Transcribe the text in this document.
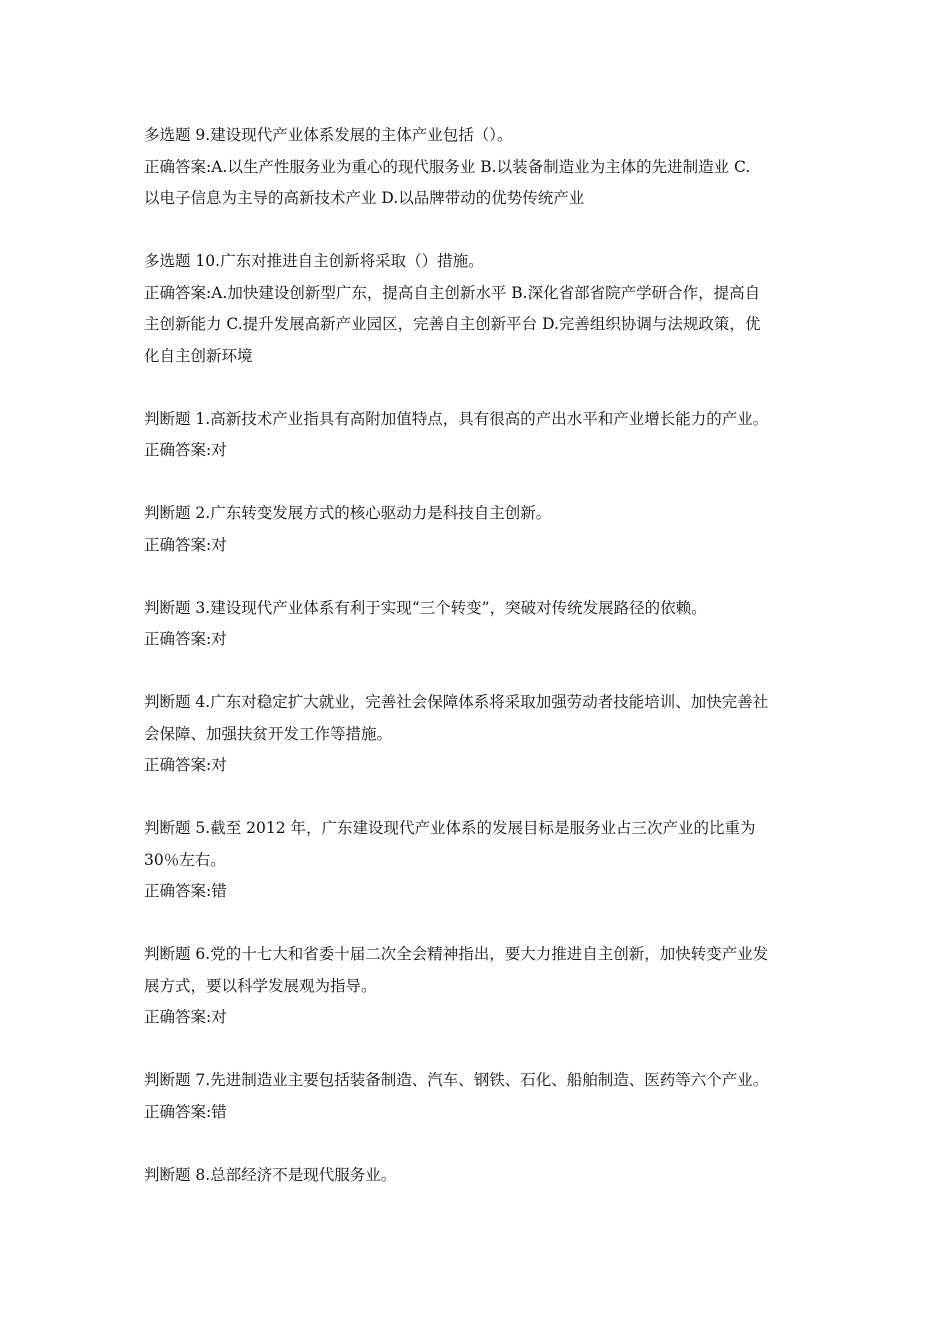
多选题 9.建设现代产业体系发展的主体产业包括（）。
正确答案:A.以生产性服务业为重心的现代服务业 B.以装备制造业为主体的先进制造业 C.
以电子信息为主导的高新技术产业 D.以品牌带动的优势传统产业
多选题 10.广东对推进自主创新将采取（）措施。
正确答案:A.加快建设创新型广东，提高自主创新水平 B.深化省部省院产学研合作，提高自
主创新能力 C.提升发展高新产业园区，完善自主创新平台 D.完善组织协调与法规政策，优
化自主创新环境
判断题 1.高新技术产业指具有高附加值特点，具有很高的产出水平和产业增长能力的产业。
正确答案:对
判断题 2.广东转变发展方式的核心驱动力是科技自主创新。
正确答案:对
判断题 3.建设现代产业体系有利于实现“三个转变”，突破对传统发展路径的依赖。
正确答案:对
判断题 4.广东对稳定扩大就业，完善社会保障体系将采取加强劳动者技能培训、加快完善社
会保障、加强扶贫开发工作等措施。
正确答案:对
判断题 5.截至 2012 年，广东建设现代产业体系的发展目标是服务业占三次产业的比重为
30％左右。
正确答案:错
判断题 6.党的十七大和省委十届二次全会精神指出，要大力推进自主创新，加快转变产业发
展方式，要以科学发展观为指导。
正确答案:对
判断题 7.先进制造业主要包括装备制造、汽车、钢铁、石化、船舶制造、医药等六个产业。
正确答案:错
判断题 8.总部经济不是现代服务业。
